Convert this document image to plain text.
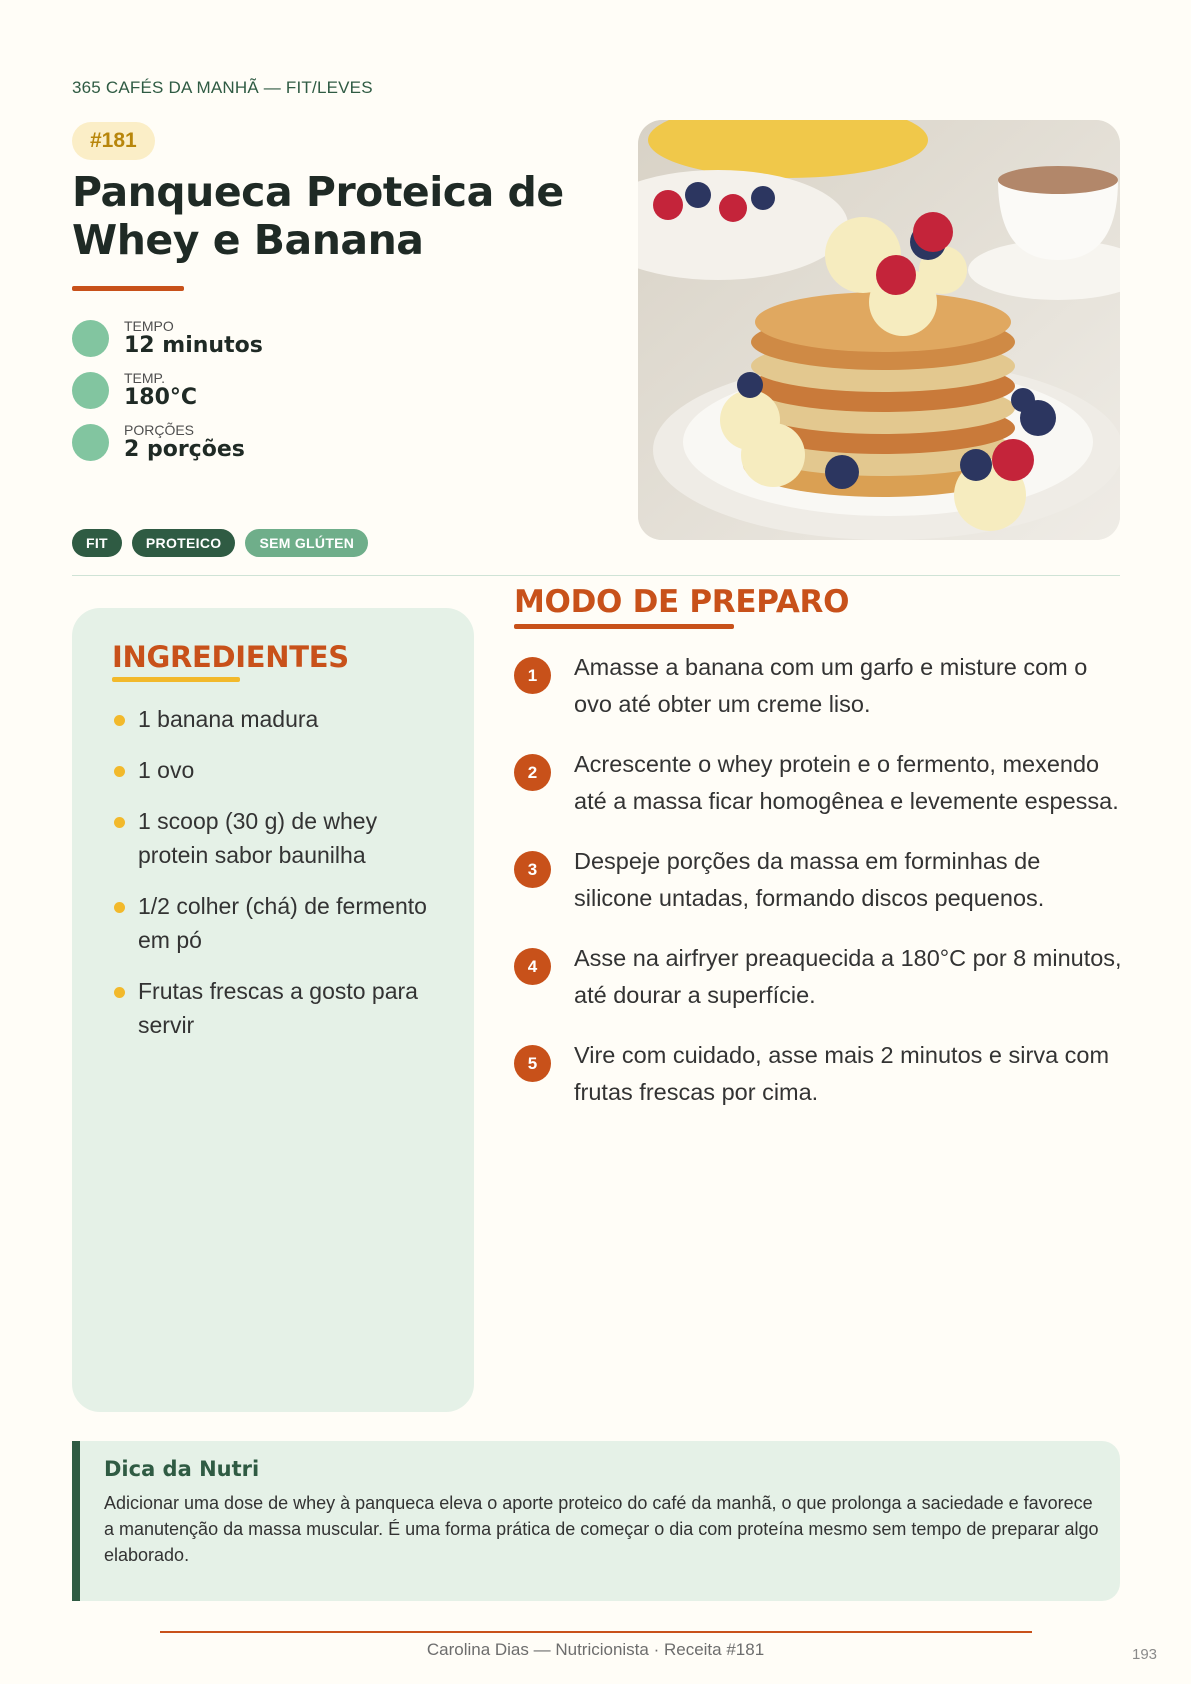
365 CAFÉS DA MANHÃ — FIT/LEVES
#181
Panqueca Proteica de Whey e Banana
TEMPO
12 minutos
TEMP.
180°C
PORÇÕES
2 porções
FIT	PROTEICO	SEM GLÚTEN
INGREDIENTES
1 banana madura
1 ovo
1 scoop (30 g) de whey protein sabor baunilha
1/2 colher (chá) de fermento em pó
Frutas frescas a gosto para servir
MODO DE PREPARO
1	Amasse a banana com um garfo e misture com o ovo até obter um creme liso.
2	Acrescente o whey protein e o fermento, mexendo até a massa ficar homogênea e levemente espessa.
3	Despeje porções da massa em forminhas de silicone untadas, formando discos pequenos.
4	Asse na airfryer preaquecida a 180°C por 8 minutos, até dourar a superfície.
5	Vire com cuidado, asse mais 2 minutos e sirva com frutas frescas por cima.
Dica da Nutri

Adicionar uma dose de whey à panqueca eleva o aporte proteico do café da manhã, o que prolonga a saciedade e favorece a manutenção da massa muscular. É uma forma prática de começar o dia com proteína mesmo sem tempo de preparar algo elaborado.

Carolina Dias — Nutricionista · Receita #181	193
